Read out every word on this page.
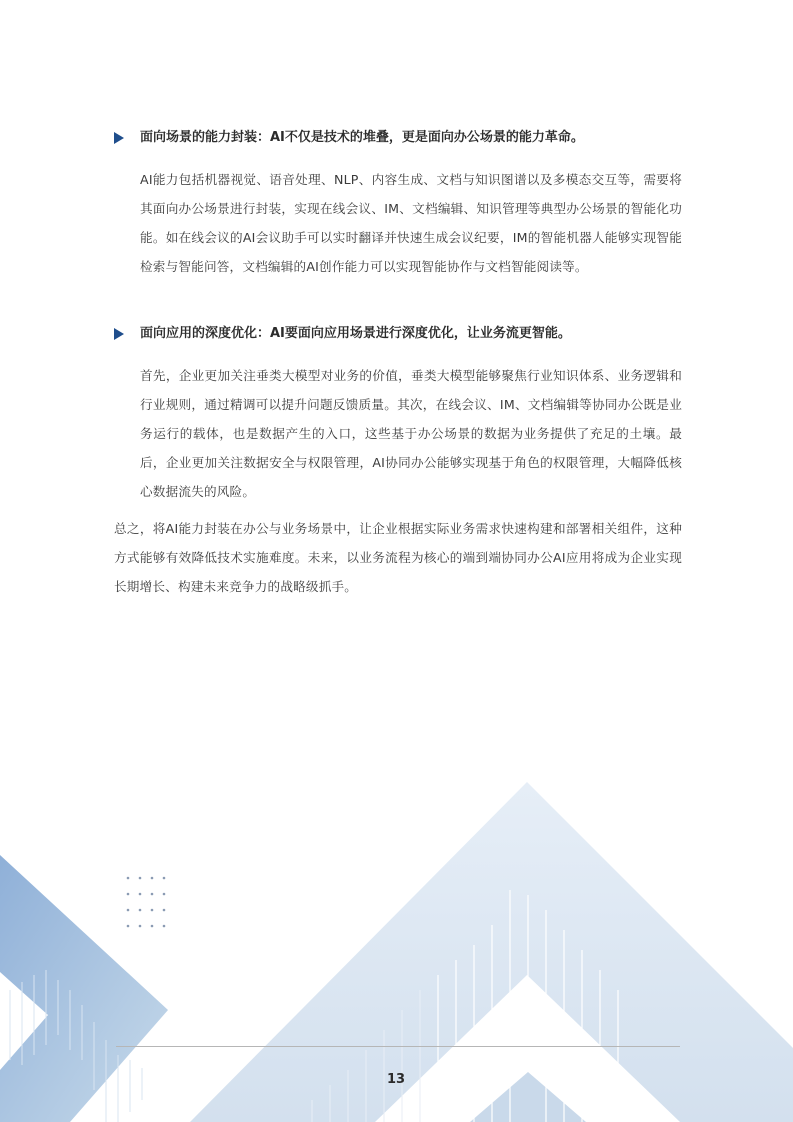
面向场景的能力封装：AI不仅是技术的堆叠，更是面向办公场景的能力革命。
AI能力包括机器视觉、语音处理、NLP、内容生成、文档与知识图谱以及多模态交互等，需要将其面向办公场景进行封装，实现在线会议、IM、文档编辑、知识管理等典型办公场景的智能化功能。如在线会议的AI会议助手可以实时翻译并快速生成会议纪要，IM的智能机器人能够实现智能检索与智能问答，文档编辑的AI创作能力可以实现智能协作与文档智能阅读等。
面向应用的深度优化：AI要面向应用场景进行深度优化，让业务流更智能。
首先，企业更加关注垂类大模型对业务的价值，垂类大模型能够聚焦行业知识体系、业务逻辑和行业规则，通过精调可以提升问题反馈质量。其次，在线会议、IM、文档编辑等协同办公既是业务运行的载体，也是数据产生的入口，这些基于办公场景的数据为业务提供了充足的土壤。最后，企业更加关注数据安全与权限管理，AI协同办公能够实现基于角色的权限管理，大幅降低核心数据流失的风险。
总之，将AI能力封装在办公与业务场景中，让企业根据实际业务需求快速构建和部署相关组件，这种方式能够有效降低技术实施难度。未来，以业务流程为核心的端到端协同办公AI应用将成为企业实现长期增长、构建未来竞争力的战略级抓手。
13
